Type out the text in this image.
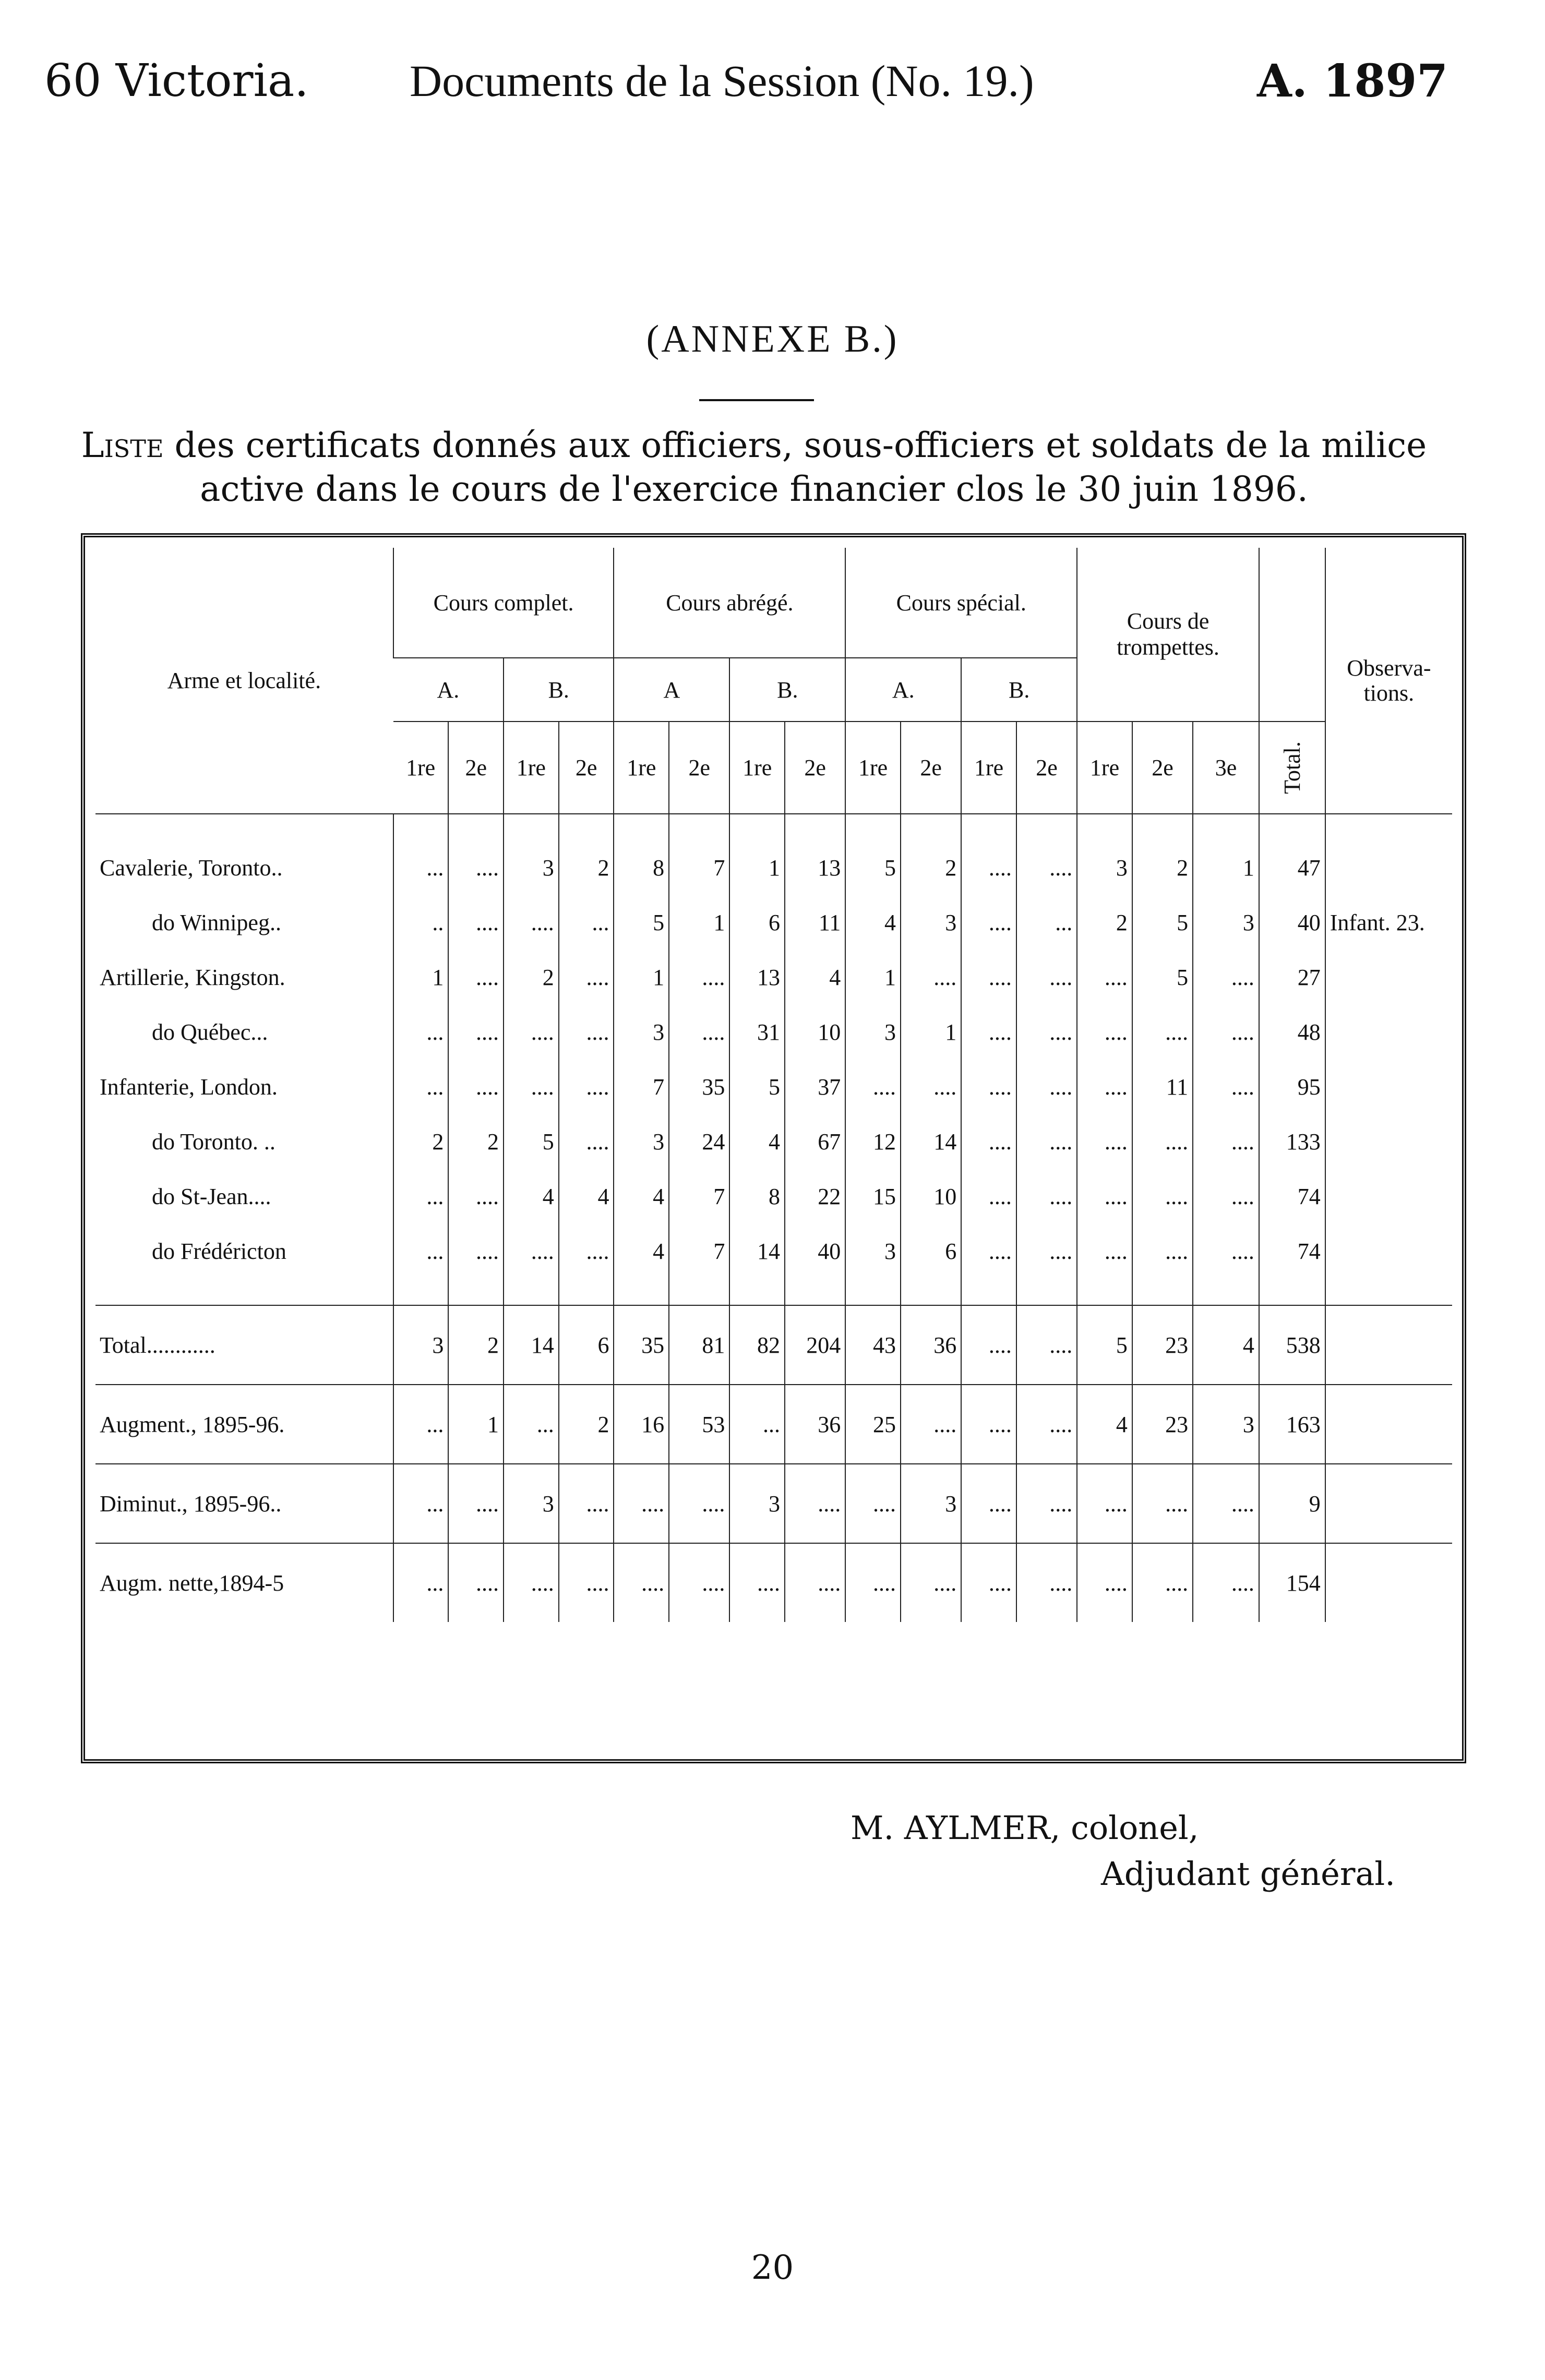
60 Victoria. Documents de la Session (No. 19.)	A. 1897
(ANNEXE B.)
Liste des certificats donnés aux officiers, sous-officiers et soldats de la milice active dans le cours de l'exercice financier clos le 30 juin 1896.
Arme et localité.	Cours complet.				Cours abrégé.				Cours spécial.				Cours de trompettes.				Observa-tions.
	A.		B.		A		B.		A.		B.						
	1re	2e	1re	2e	1re	2e	1re	2e	1re	2e	1re	2e	1re	2e	3e	Total.	

Cavalerie, Toronto..	...	....	3	2	8	7	1	13	5	2	....	....	3	2	1	47	
do Winnipeg..	..	....	....	...	5	1	6	11	4	3	....	...	2	5	3	40	Infant. 23.
Artillerie, Kingston.	1	....	2	....	1	....	13	4	1	....	....	....	....	5	....	27	
do Québec...	...	....	....	....	3	....	31	10	3	1	....	....	....	....	....	48	
Infanterie, London.	...	....	....	....	7	35	5	37	....	....	....	....	....	11	....	95	
do Toronto. ..	2	2	5	....	3	24	4	67	12	14	....	....	....	....	....	133	
do St-Jean....	...	....	4	4	4	7	8	22	15	10	....	....	....	....	....	74	
do Frédéricton	...	....	....	....	4	7	14	40	3	6	....	....	....	....	....	74	

Total............	3	2	14	6	35	81	82	204	43	36	....	....	5	23	4	538	
Augment., 1895-96.	...	1	...	2	16	53	...	36	25	....	....	....	4	23	3	163	
Diminut., 1895-96..	...	....	3	....	....	....	3	....	....	3	....	....	....	....	....	9	
Augm. nette,1894-5	...	....	....	....	....	....	....	....	....	....	....	....	....	....	....	154	
M. AYLMER, colonel,
Adjudant général.
20
